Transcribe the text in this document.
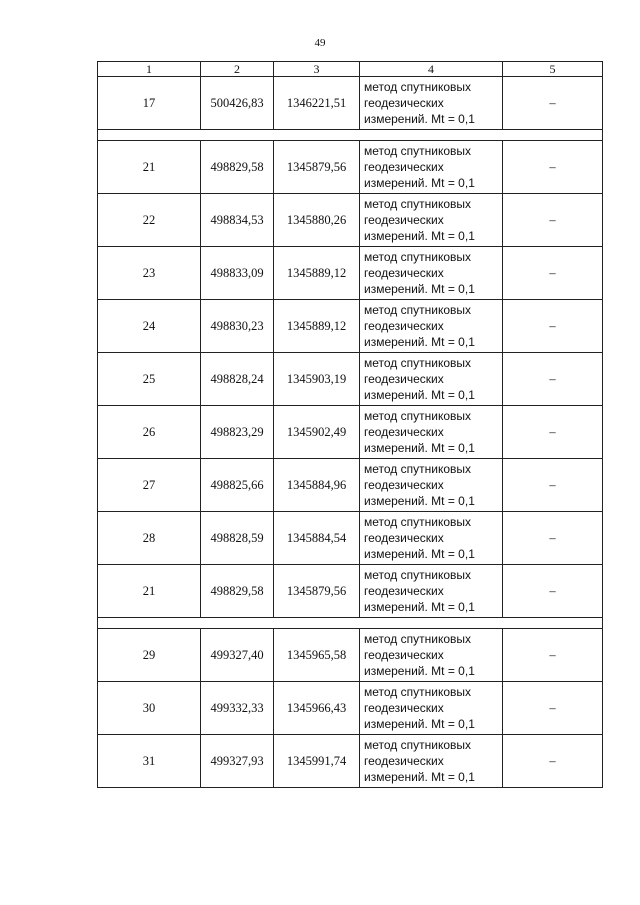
49
1	2	3	4	5
17	500426,83	1346221,51	метод спутниковых
геодезических
измерений. Mt = 0,1	–

21	498829,58	1345879,56	метод спутниковых
геодезических
измерений. Mt = 0,1	–
22	498834,53	1345880,26	метод спутниковых
геодезических
измерений. Mt = 0,1	–
23	498833,09	1345889,12	метод спутниковых
геодезических
измерений. Mt = 0,1	–
24	498830,23	1345889,12	метод спутниковых
геодезических
измерений. Mt = 0,1	–
25	498828,24	1345903,19	метод спутниковых
геодезических
измерений. Mt = 0,1	–
26	498823,29	1345902,49	метод спутниковых
геодезических
измерений. Mt = 0,1	–
27	498825,66	1345884,96	метод спутниковых
геодезических
измерений. Mt = 0,1	–
28	498828,59	1345884,54	метод спутниковых
геодезических
измерений. Mt = 0,1	–
21	498829,58	1345879,56	метод спутниковых
геодезических
измерений. Mt = 0,1	–

29	499327,40	1345965,58	метод спутниковых
геодезических
измерений. Mt = 0,1	–
30	499332,33	1345966,43	метод спутниковых
геодезических
измерений. Mt = 0,1	–
31	499327,93	1345991,74	метод спутниковых
геодезических
измерений. Mt = 0,1	–
